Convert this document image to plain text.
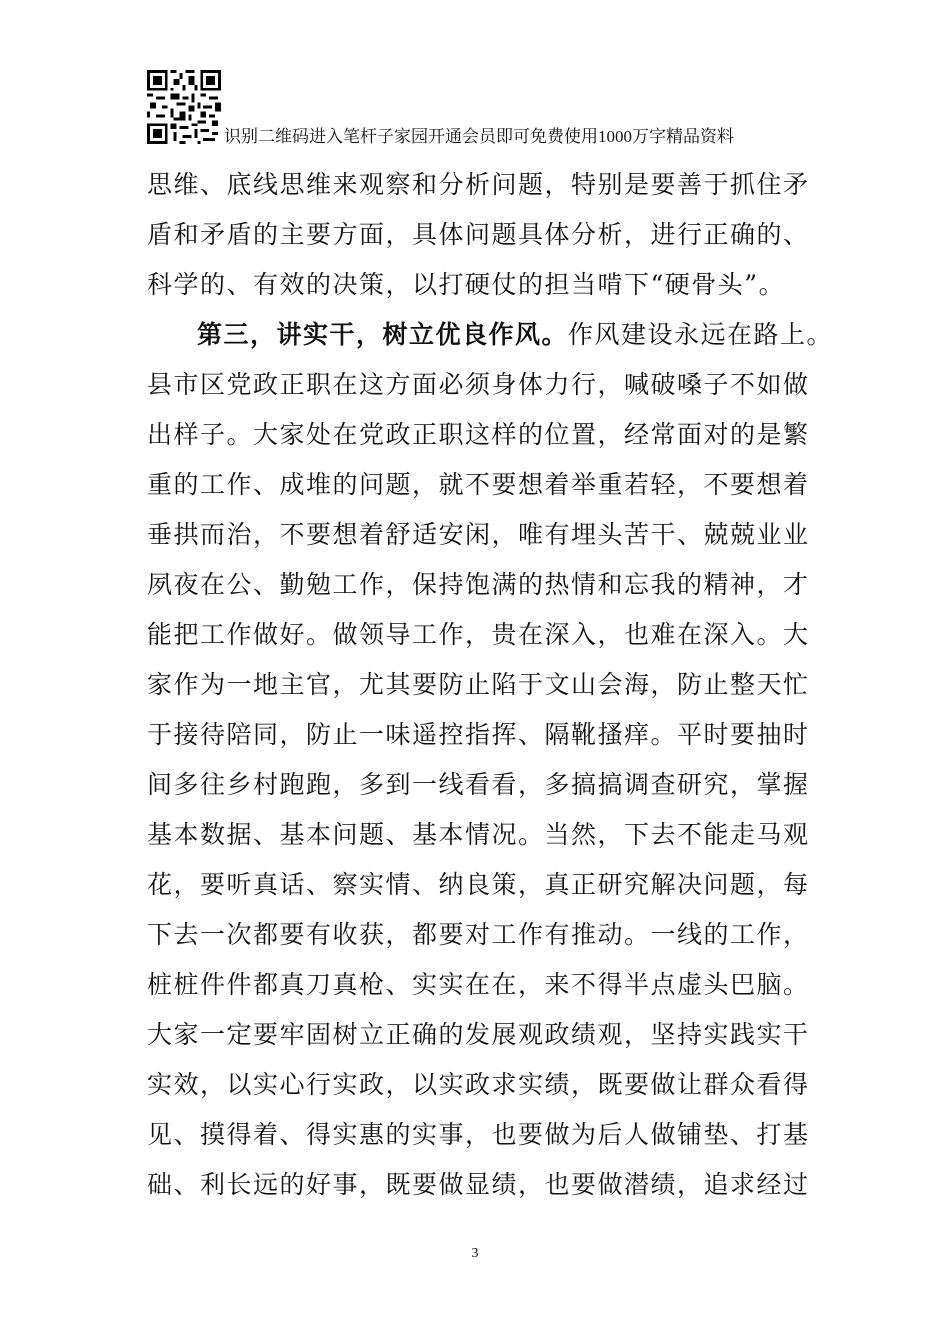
识别二维码进入笔杆子家园开通会员即可免费使用1000万字精品资料
思维、底线思维来观察和分析问题，特别是要善于抓住矛
盾和矛盾的主要方面，具体问题具体分析，进行正确的、
科学的、有效的决策，以打硬仗的担当啃下“硬骨头”。
第三，讲实干，树立优良作风。作风建设永远在路上。
县市区党政正职在这方面必须身体力行，喊破嗓子不如做
出样子。大家处在党政正职这样的位置，经常面对的是繁
重的工作、成堆的问题，就不要想着举重若轻，不要想着
垂拱而治，不要想着舒适安闲，唯有埋头苦干、兢兢业业
夙夜在公、勤勉工作，保持饱满的热情和忘我的精神，才
能把工作做好。做领导工作，贵在深入，也难在深入。大
家作为一地主官，尤其要防止陷于文山会海，防止整天忙
于接待陪同，防止一味遥控指挥、隔靴搔痒。平时要抽时
间多往乡村跑跑，多到一线看看，多搞搞调查研究，掌握
基本数据、基本问题、基本情况。当然，下去不能走马观
花，要听真话、察实情、纳良策，真正研究解决问题，每
下去一次都要有收获，都要对工作有推动。一线的工作，
桩桩件件都真刀真枪、实实在在，来不得半点虚头巴脑。
大家一定要牢固树立正确的发展观政绩观，坚持实践实干
实效，以实心行实政，以实政求实绩，既要做让群众看得
见、摸得着、得实惠的实事，也要做为后人做铺垫、打基
础、利长远的好事，既要做显绩，也要做潜绩，追求经过
3
